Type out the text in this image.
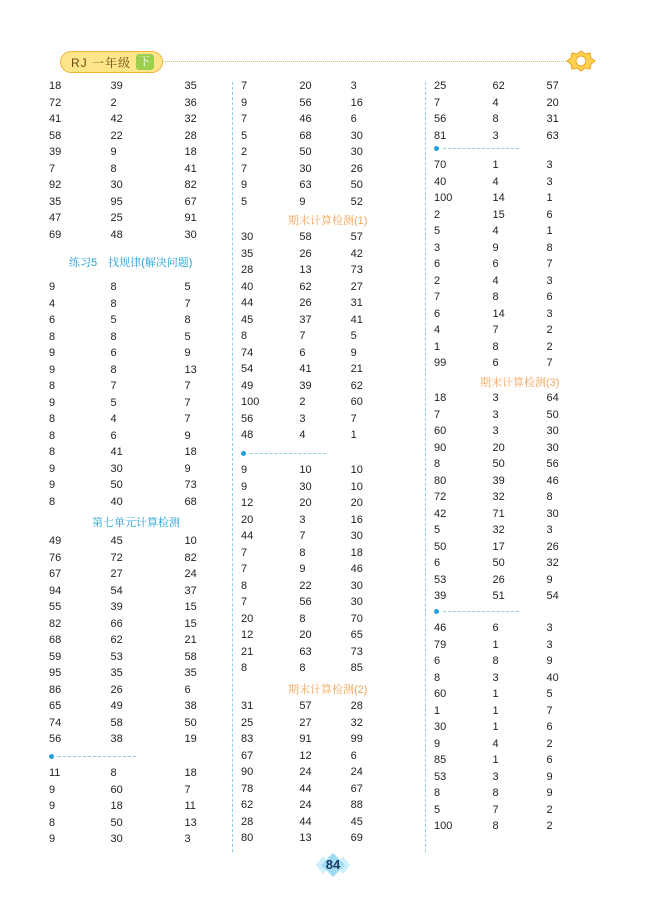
RJ 一年级 下
18	39	35
72	2	36
41	42	32
58	22	28
39	9	18
7	8	41
92	30	82
35	95	67
47	25	91
69	48	30
练习5　找规律(解决问题)
9	8	5
4	8	7
6	5	8
8	8	5
9	6	9
9	8	13
8	7	7
9	5	7
8	4	7
8	6	9
8	41	18
9	30	9
9	50	73
8	40	68
第七单元计算检测
49	45	10
76	72	82
67	27	24
94	54	37
55	39	15
82	66	15
68	62	21
59	53	58
95	35	35
86	26	6
65	49	38
74	58	50
56	38	19
11	8	18
9	60	7
9	18	11
8	50	13
9	30	3
7	20	3
9	56	16
7	46	6
5	68	30
2	50	30
7	30	26
9	63	50
5	9	52
期末计算检测(1)
30	58	57
35	26	42
28	13	73
40	62	27
44	26	31
45	37	41
8	7	5
74	6	9
54	41	21
49	39	62
100	2	60
56	3	7
48	4	1
9	10	10
9	30	10
12	20	20
20	3	16
44	7	30
7	8	18
7	9	46
8	22	30
7	56	30
20	8	70
12	20	65
21	63	73
8	8	85
期末计算检测(2)
31	57	28
25	27	32
83	91	99
67	12	6
90	24	24
78	44	67
62	24	88
28	44	45
80	13	69
25	62	57
7	4	20
56	8	31
81	3	63
70	1	3
40	4	3
100	14	1
2	15	6
5	4	1
3	9	8
6	6	7
2	4	3
7	8	6
6	14	3
4	7	2
1	8	2
99	6	7
期末计算检测(3)
18	3	64
7	3	50
60	3	30
90	20	30
8	50	56
80	39	46
72	32	8
42	71	30
5	32	3
50	17	26
6	50	32
53	26	9
39	51	54
46	6	3
79	1	3
6	8	9
8	3	40
60	1	5
1	1	7
30	1	6
9	4	2
85	1	6
53	3	9
8	8	9
5	7	2
100	8	2
84
